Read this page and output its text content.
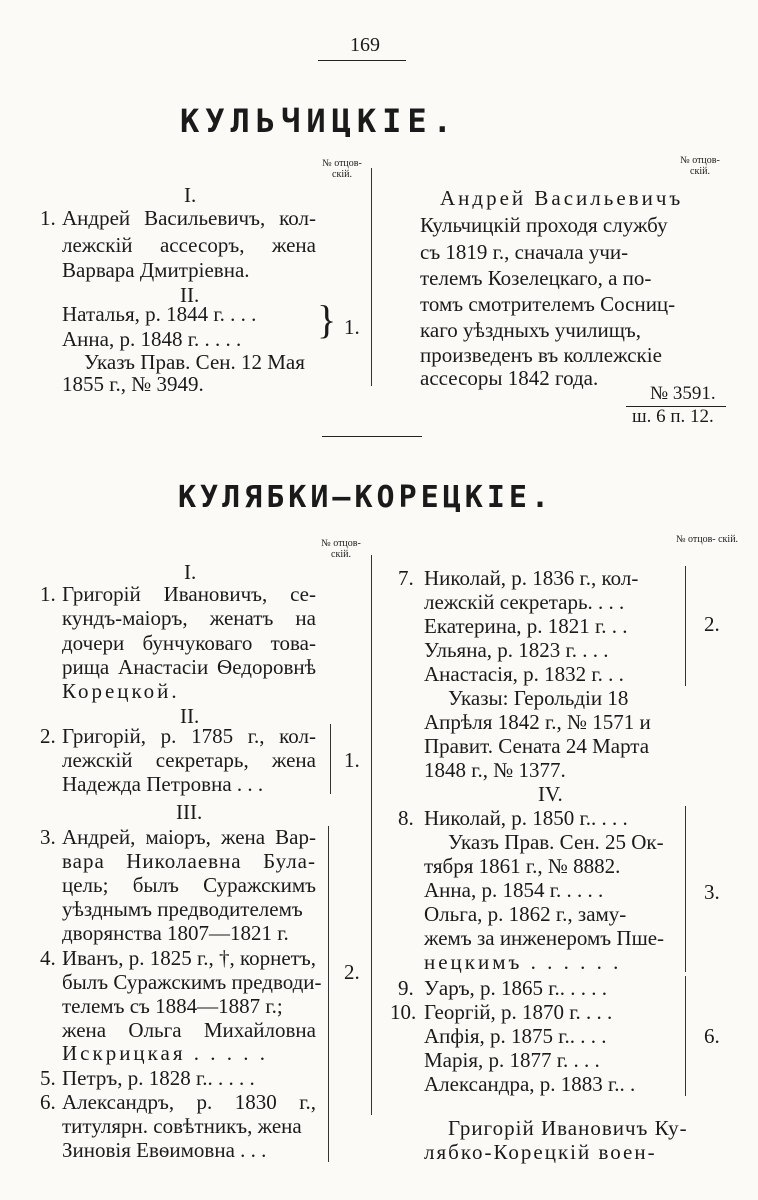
169
КУЛЬЧИЦКІЕ.
№ отцов- скій.
№ отцов- скій.
I.
1. Андрей Васильевичъ, кол-
лежскій ассесоръ, жена
Варвара Дмитріевна.
II.
Наталья, р. 1844 г. . . .
Анна, р. 1848 г. . . . . } 1.
Указъ Прав. Сен. 12 Мая
1855 г., № 3949.
Андрей Васильевичъ
Кульчицкій проходя службу
съ 1819 г., сначала учи-
телемъ Козелецкаго, а по-
томъ смотрителемъ Сосниц-
каго уѣздныхъ училищъ,
произведенъ въ коллежскіе
ассесоры 1842 года.
№ 3591.
ш. 6 п. 12.
КУЛЯБКИ–КОРЕЦКІЕ.
№ отцов- скій.
№ отцов- скій.
I.
1. Григорій Ивановичъ, се-
кундъ-маіоръ, женатъ на
дочери бунчуковаго това-
рища Анастасіи Ѳедоровнѣ
Корецкой.
II.
2. Григорій, р. 1785 г., кол-
лежскій секретарь, жена
Надежда Петровна . . .
1.
III.
3. Андрей, маіоръ, жена Вар-
вара Николаевна Була-
цель; былъ Суражскимъ
уѣзднымъ предводителемъ
дворянства 1807—1821 г.
4. Иванъ, р. 1825 г., †, корнетъ,
былъ Суражскимъ предводи-
телемъ съ 1884—1887 г.;
жена Ольга Михайловна
Искрицкая . . . . .
5. Петръ, р. 1828 г.. . . . .
6. Александръ, р. 1830 г.,
титулярн. совѣтникъ, жена
Зиновія Евѳимовна . . .
2.
7. Николай, р. 1836 г., кол-
лежскій секретарь. . . .
Екатерина, р. 1821 г. . .
Ульяна, р. 1823 г. . . .
Анастасія, р. 1832 г. . .
2.
Указы: Герольдіи 18
Апрѣля 1842 г., № 1571 и
Правит. Сената 24 Марта
1848 г., № 1377.
IV.
8. Николай, р. 1850 г.. . . .
Указъ Прав. Сен. 25 Ок-
тября 1861 г., № 8882.
Анна, р. 1854 г. . . . .
Ольга, р. 1862 г., заму-
жемъ за инженеромъ Пше-
нецкимъ . . . . . .
3.
9. Уаръ, р. 1865 г.. . . . .
10. Георгій, р. 1870 г. . . .
Апфія, р. 1875 г.. . . .
Марія, р. 1877 г. . . .
Александра, р. 1883 г.. .
6.
Григорій Ивановичъ Ку-
лябко-Корецкій воен-
